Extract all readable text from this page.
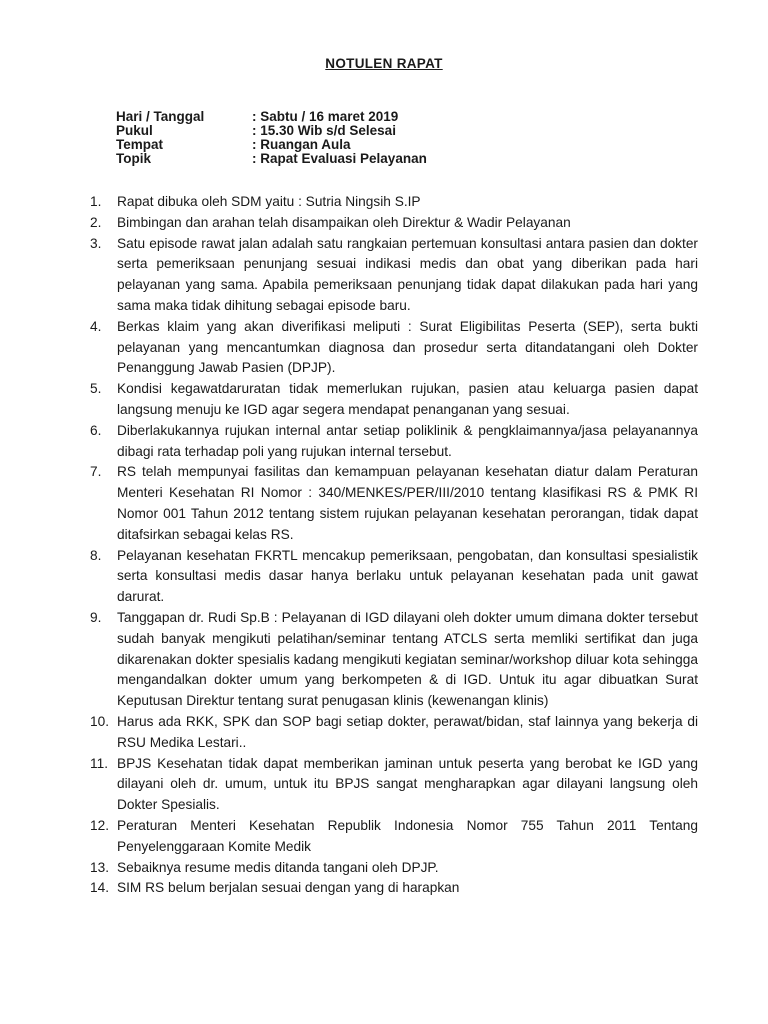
NOTULEN RAPAT
Hari / Tanggal	: Sabtu / 16 maret 2019
Pukul	: 15.30 Wib s/d Selesai
Tempat	: Ruangan Aula
Topik	: Rapat Evaluasi Pelayanan
1.	Rapat dibuka oleh SDM yaitu : Sutria Ningsih S.IP
2.	Bimbingan dan arahan telah disampaikan oleh Direktur & Wadir Pelayanan
3.	Satu episode rawat jalan adalah satu rangkaian pertemuan konsultasi antara pasien dan dokter serta pemeriksaan penunjang sesuai indikasi medis dan obat yang diberikan pada hari pelayanan yang sama. Apabila pemeriksaan penunjang tidak dapat dilakukan pada hari yang sama maka tidak dihitung sebagai episode baru.
4.	Berkas klaim yang akan diverifikasi meliputi : Surat Eligibilitas Peserta (SEP), serta bukti pelayanan yang mencantumkan diagnosa dan prosedur serta ditandatangani oleh Dokter Penanggung Jawab Pasien (DPJP).
5.	Kondisi kegawatdaruratan tidak memerlukan rujukan, pasien atau keluarga pasien dapat langsung menuju ke IGD agar segera mendapat penanganan yang sesuai.
6.	Diberlakukannya rujukan internal antar setiap poliklinik & pengklaimannya/jasa pelayanannya dibagi rata terhadap poli yang rujukan internal tersebut.
7.	RS telah mempunyai fasilitas dan kemampuan pelayanan kesehatan diatur dalam Peraturan Menteri Kesehatan RI Nomor : 340/MENKES/PER/III/2010 tentang klasifikasi RS & PMK RI Nomor 001 Tahun 2012 tentang sistem rujukan pelayanan kesehatan perorangan, tidak dapat ditafsirkan sebagai kelas RS.
8.	Pelayanan kesehatan FKRTL mencakup pemeriksaan, pengobatan, dan konsultasi spesialistik serta konsultasi medis dasar hanya berlaku untuk pelayanan kesehatan pada unit gawat darurat.
9.	Tanggapan dr. Rudi Sp.B : Pelayanan di IGD dilayani oleh dokter umum dimana dokter tersebut sudah banyak mengikuti pelatihan/seminar tentang ATCLS serta memliki sertifikat dan juga dikarenakan dokter spesialis kadang mengikuti kegiatan seminar/workshop diluar kota sehingga mengandalkan dokter umum yang berkompeten & di IGD. Untuk itu agar dibuatkan Surat Keputusan Direktur tentang surat penugasan klinis (kewenangan klinis)
10. Harus ada RKK, SPK dan SOP bagi setiap dokter, perawat/bidan, staf lainnya yang bekerja di RSU Medika Lestari..
11. BPJS Kesehatan tidak dapat memberikan jaminan untuk peserta yang berobat ke IGD yang dilayani oleh dr. umum, untuk itu BPJS sangat mengharapkan agar dilayani langsung oleh Dokter Spesialis.
12. Peraturan Menteri Kesehatan Republik Indonesia Nomor 755 Tahun 2011 Tentang Penyelenggaraan Komite Medik
13. Sebaiknya resume medis ditanda tangani oleh DPJP.
14. SIM RS belum berjalan sesuai dengan yang di harapkan
